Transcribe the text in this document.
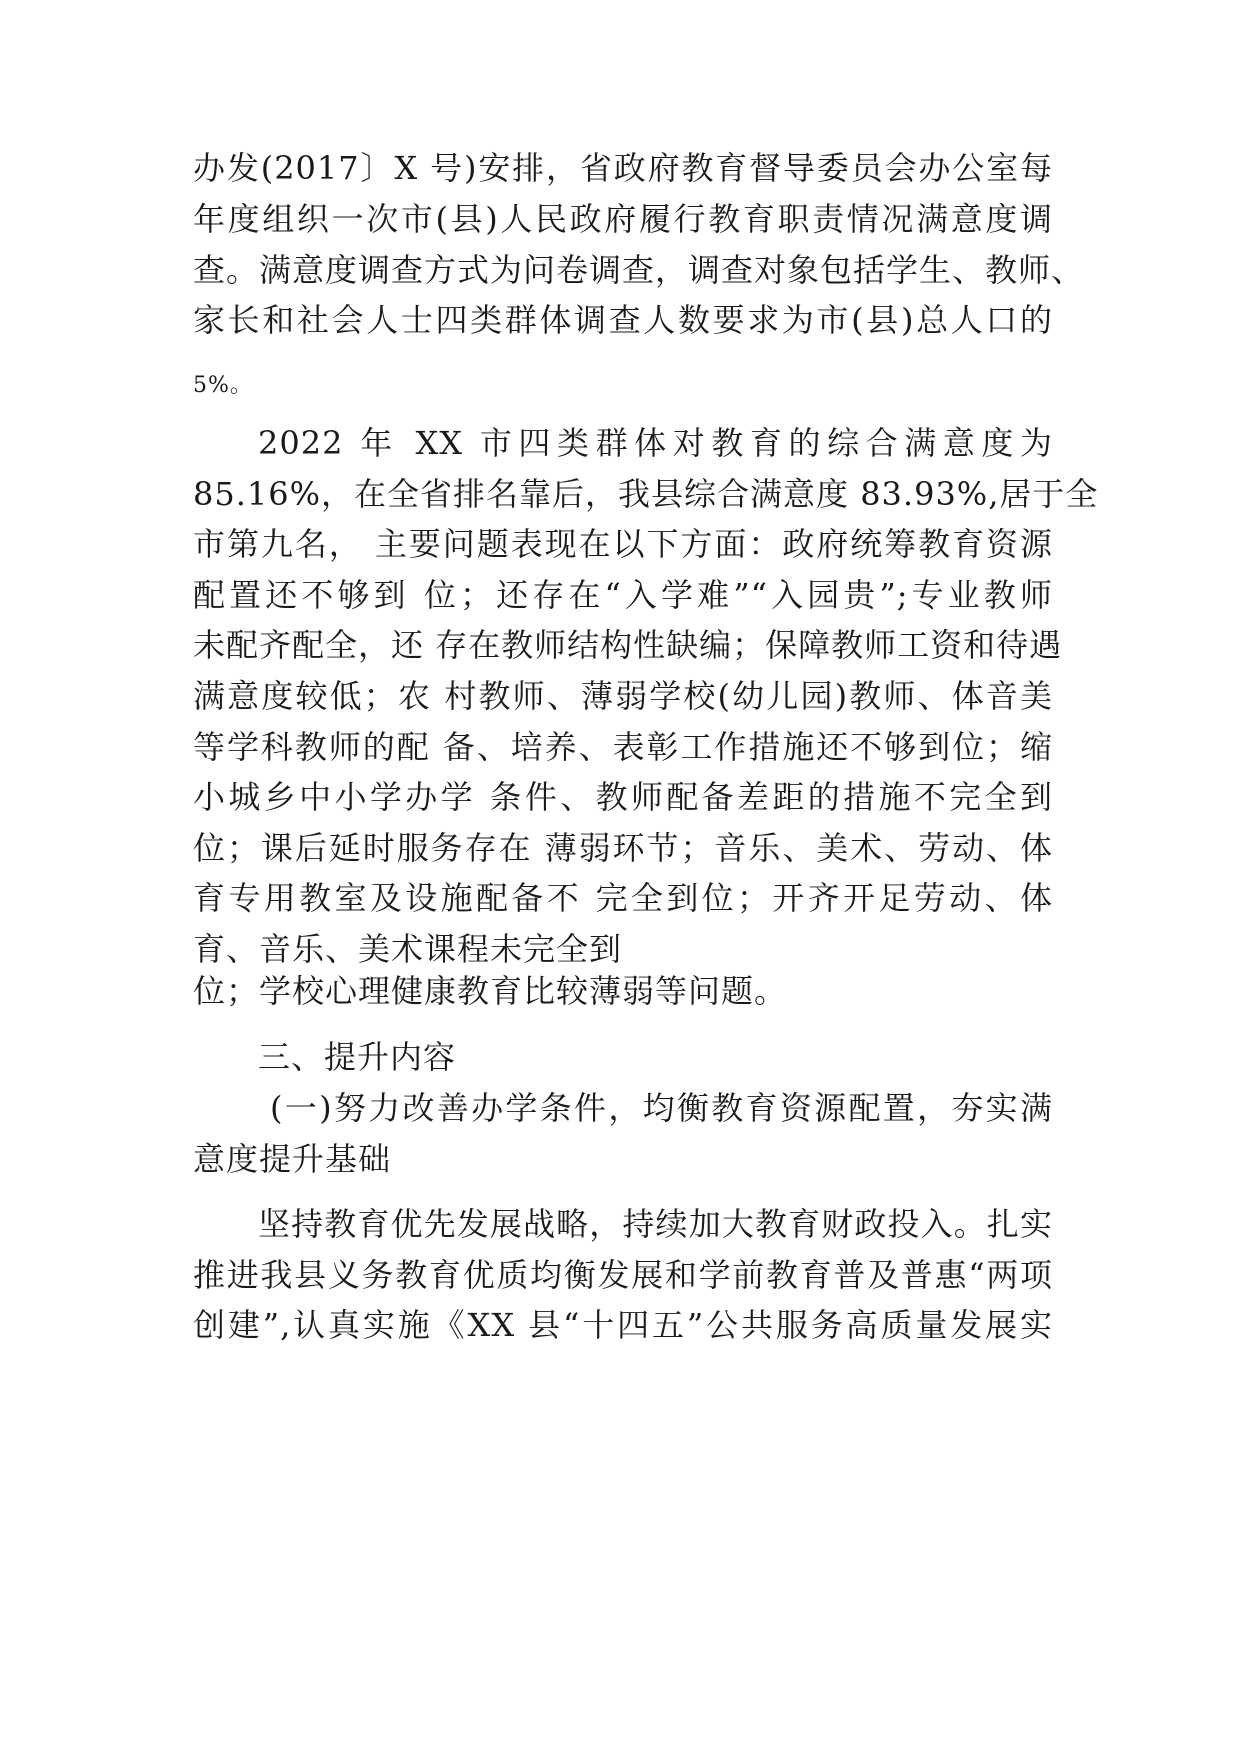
办发(2017〕X 号)安排，省政府教育督导委员会办公室每
年度组织一次市(县)人民政府履行教育职责情况满意度调
查。满意度调查方式为问卷调查，调查对象包括学生、教师、
家长和社会人士四类群体调查人数要求为市(县)总人口的
5%。
2022 年 XX 市四类群体对教育的综合满意度为
85.16%，在全省排名靠后，我县综合满意度 83.93%,居于全
市第九名， 主要问题表现在以下方面：政府统筹教育资源
配置还不够到 位；还存在“入学难”“入园贵”;专业教师
未配齐配全，还 存在教师结构性缺编；保障教师工资和待遇
满意度较低；农 村教师、薄弱学校(幼儿园)教师、体音美
等学科教师的配 备、培养、表彰工作措施还不够到位；缩
小城乡中小学办学 条件、教师配备差距的措施不完全到
位；课后延时服务存在 薄弱环节；音乐、美术、劳动、体
育专用教室及设施配备不 完全到位；开齐开足劳动、体
育、音乐、美术课程未完全到
位；学校心理健康教育比较薄弱等问题。
三、提升内容
(一)努力改善办学条件，均衡教育资源配置，夯实满
意度提升基础
坚持教育优先发展战略，持续加大教育财政投入。扎实
推进我县义务教育优质均衡发展和学前教育普及普惠“两项
创建”,认真实施《XX 县“十四五”公共服务高质量发展实
